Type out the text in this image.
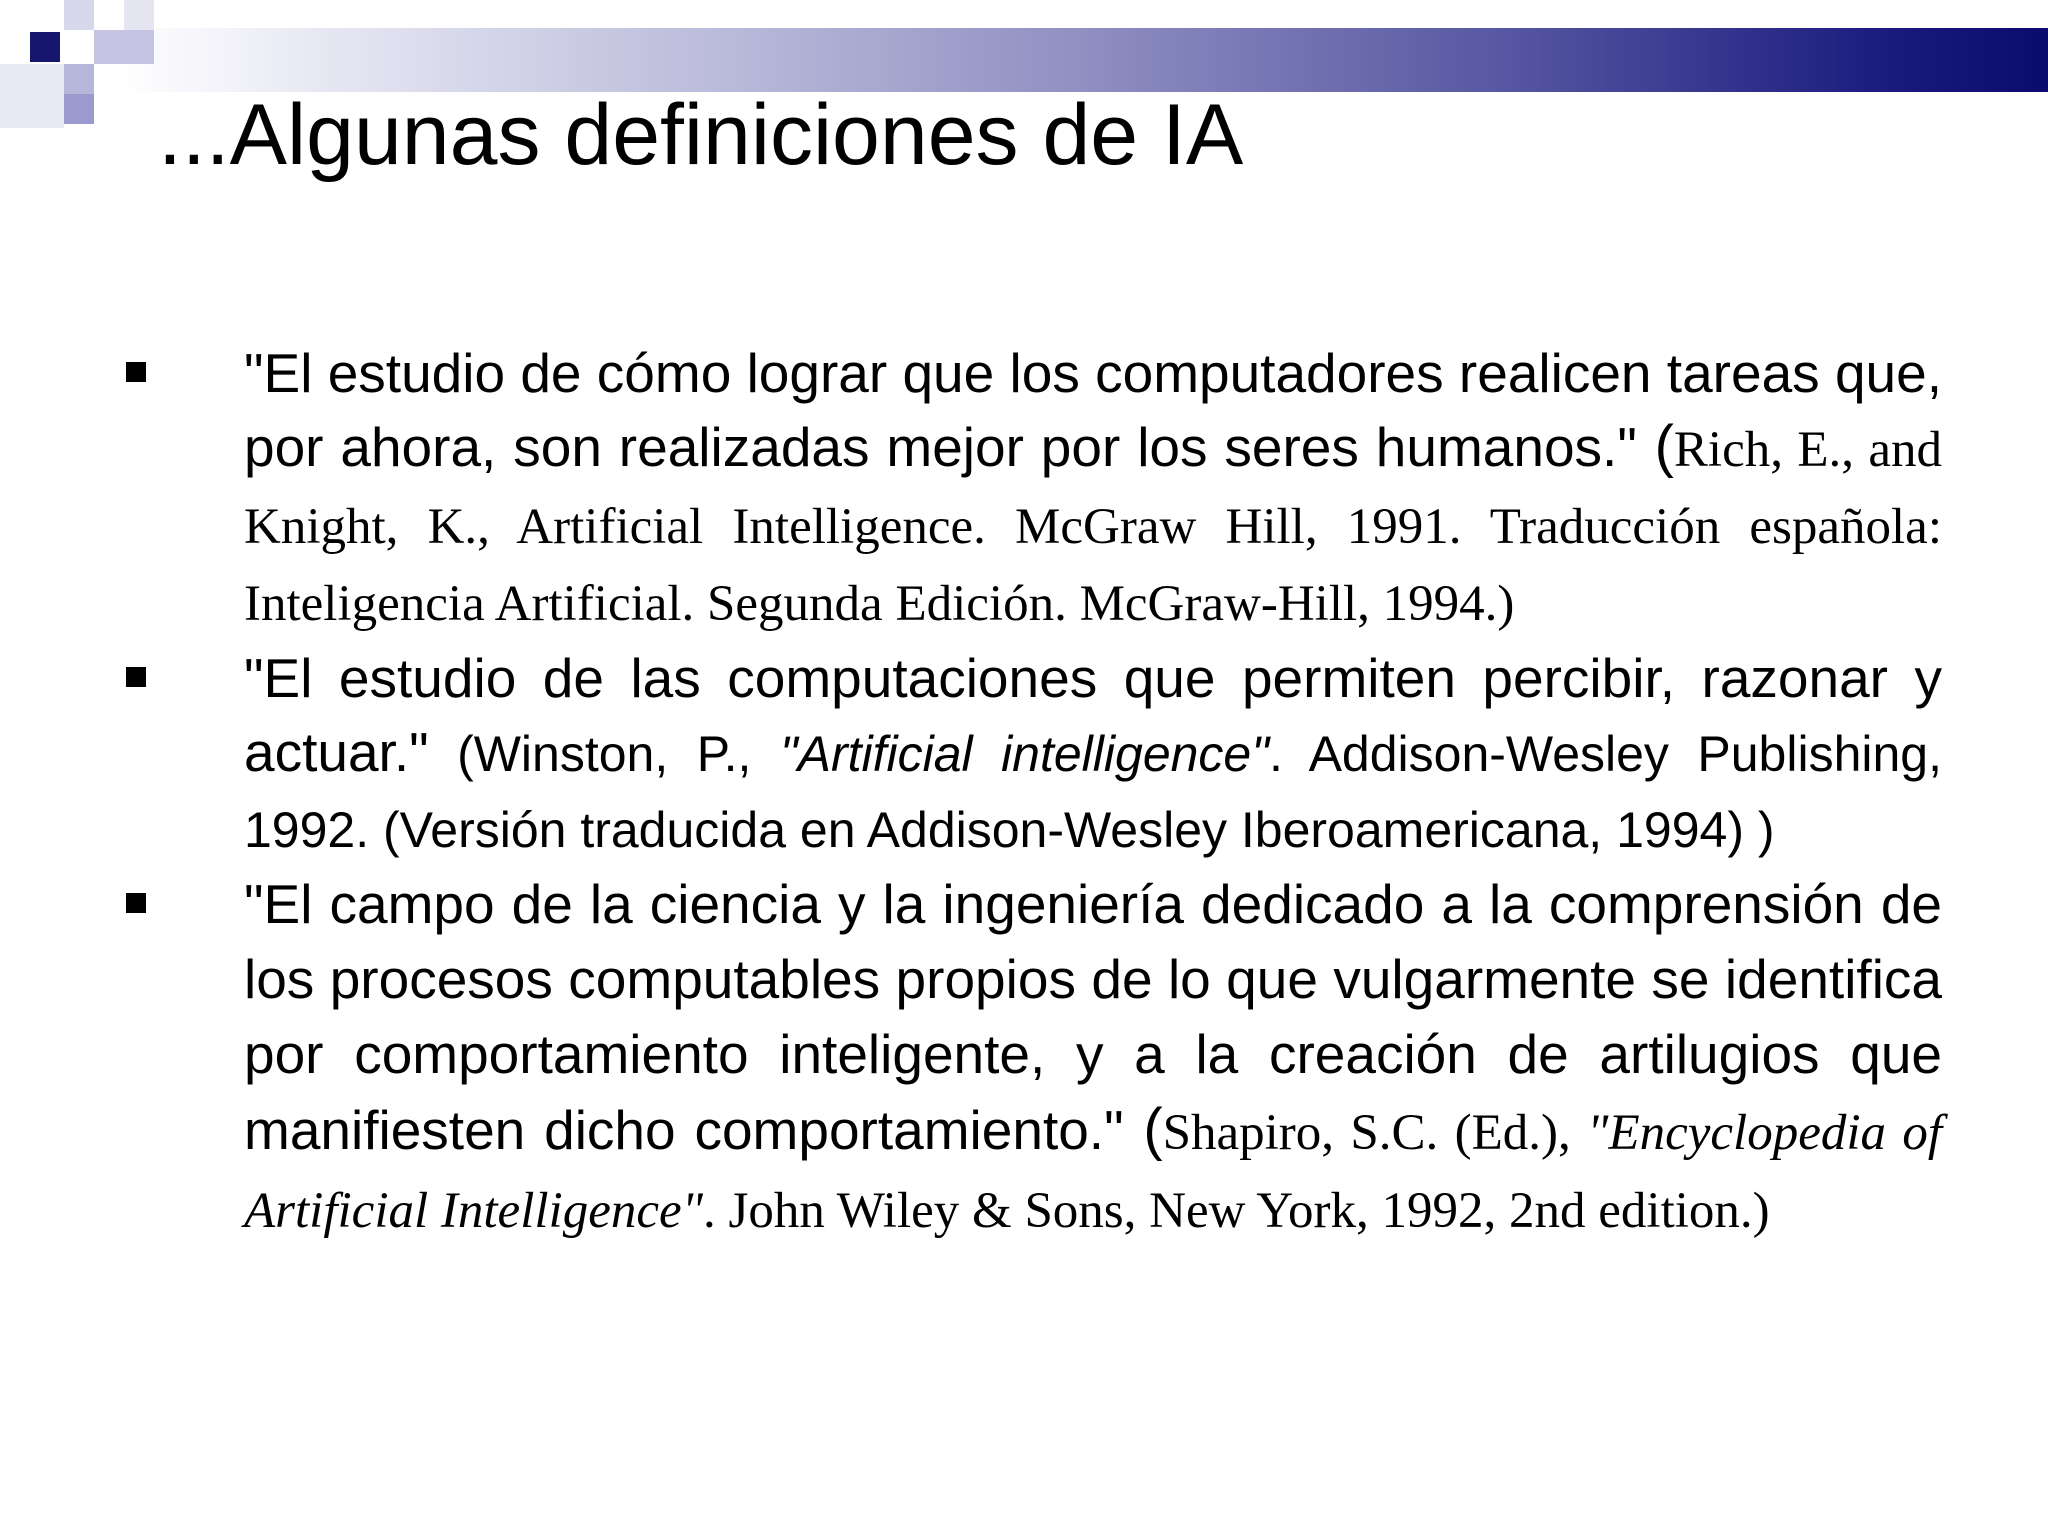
...Algunas definiciones de IA
"El estudio de cómo lograr que los computadores realicen tareas que, por ahora, son realizadas mejor por los seres humanos." (Rich, E., and Knight, K., Artificial Intelligence. McGraw Hill, 1991. Traducción española: Inteligencia Artificial. Segunda Edición. McGraw-Hill, 1994.)
"El estudio de las computaciones que permiten percibir, razonar y actuar." (Winston, P., "Artificial intelligence". Addison-Wesley Publishing, 1992. (Versión traducida en Addison-Wesley Iberoamericana, 1994) )
"El campo de la ciencia y la ingeniería dedicado a la comprensión de los procesos computables propios de lo que vulgarmente se identifica por comportamiento inteligente, y a la creación de artilugios que manifiesten dicho comportamiento." (Shapiro, S.C. (Ed.), "Encyclopedia of Artificial Intelligence". John Wiley & Sons, New York, 1992, 2nd edition.)
